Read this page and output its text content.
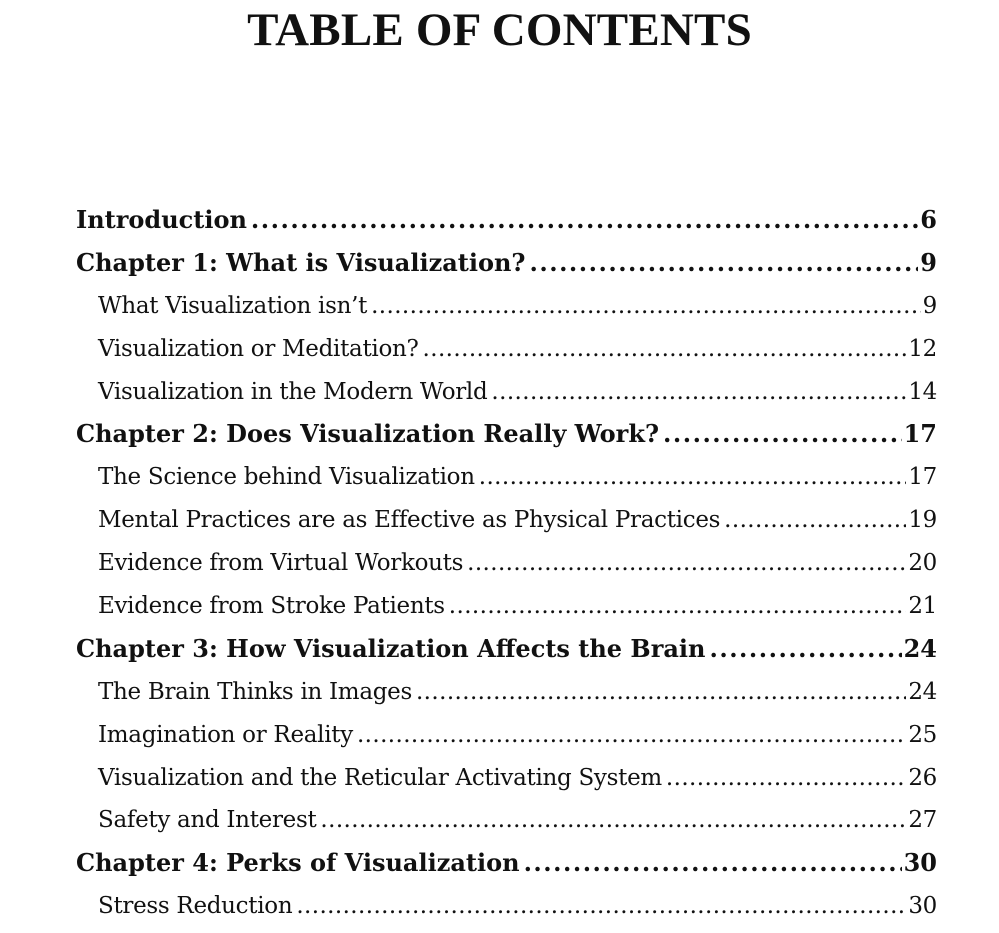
TABLE OF CONTENTS
Introduction .....	6
Chapter 1: What is Visualization? .....	9
What Visualization isn’t .....	9
Visualization or Meditation? .....	12
Visualization in the Modern World .....	14
Chapter 2: Does Visualization Really Work? .....	17
The Science behind Visualization .....	17
Mental Practices are as Effective as Physical Practices .....	19
Evidence from Virtual Workouts .....	20
Evidence from Stroke Patients .....	21
Chapter 3: How Visualization Affects the Brain .....	24
The Brain Thinks in Images .....	24
Imagination or Reality .....	25
Visualization and the Reticular Activating System .....	26
Safety and Interest .....	27
Chapter 4: Perks of Visualization .....	30
Stress Reduction .....	30
